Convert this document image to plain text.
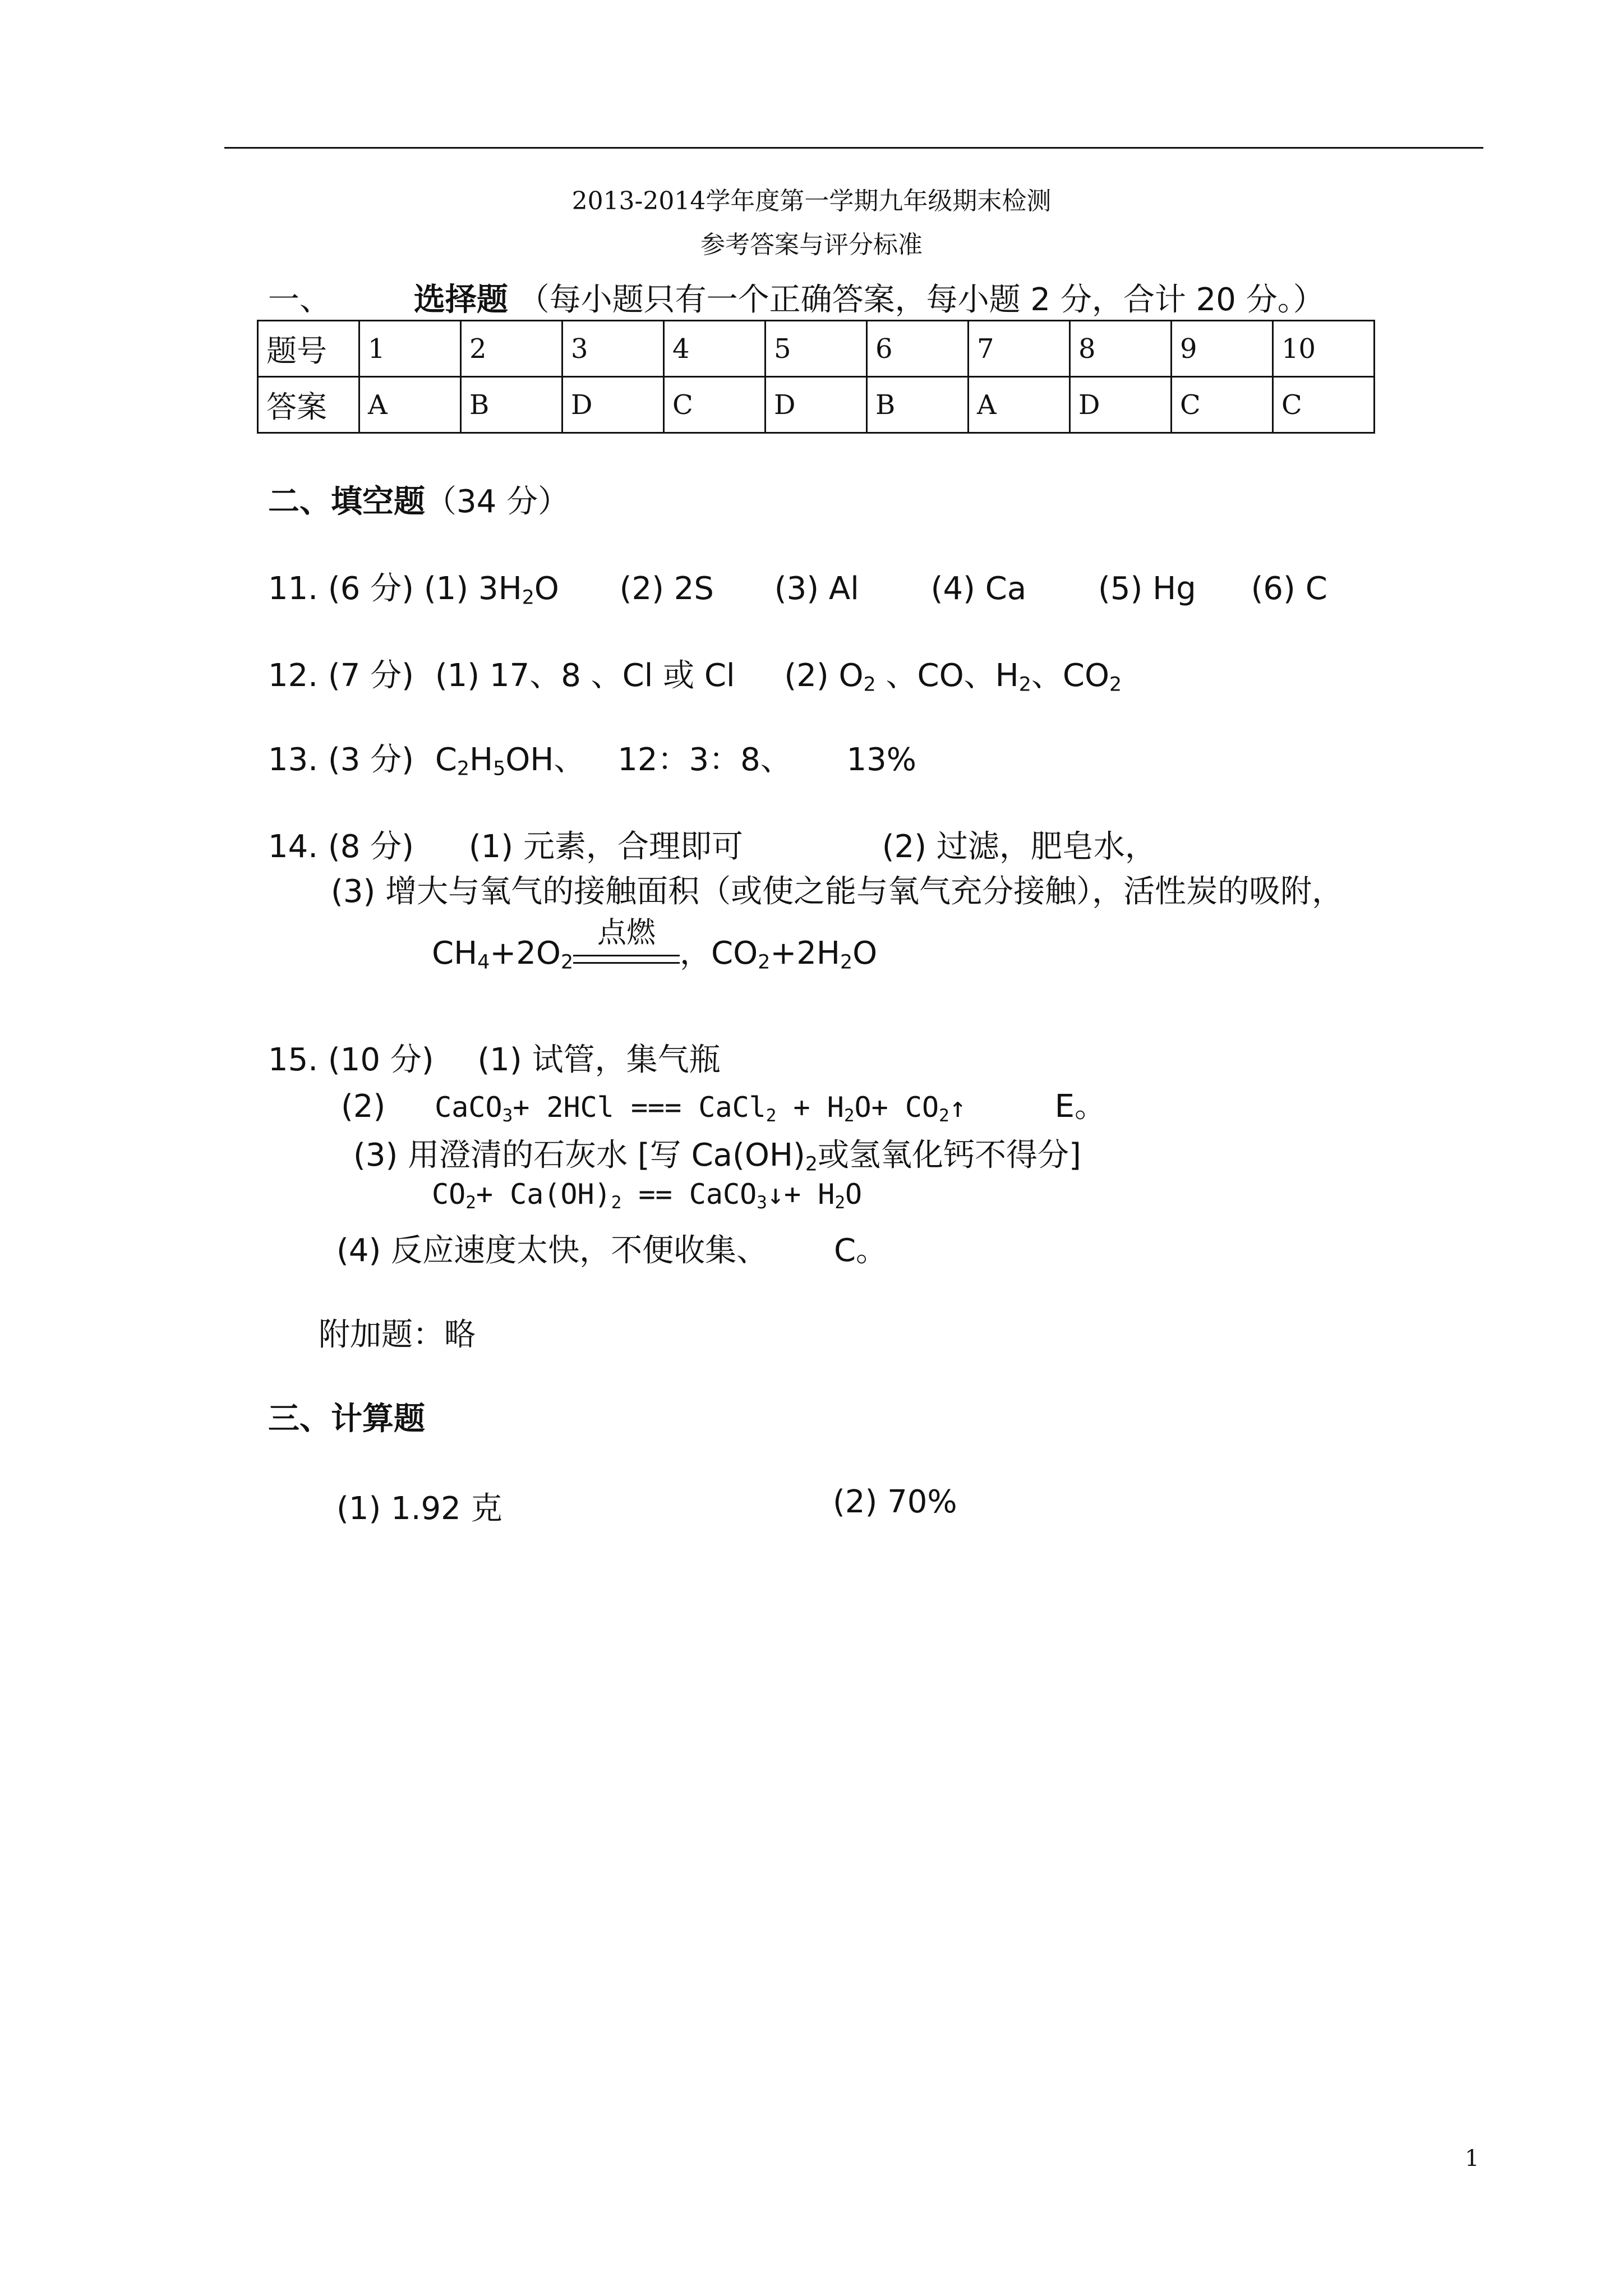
2013-2014学年度第一学期九年级期末检测
参考答案与评分标准
一、	选择题 （每小题只有一个正确答案，每小题 2 分，合计 20 分。）
题号	1	2	3	4	5	6	7	8	9	10
答案	A	B	D	C	D	B	A	D	C	C
二、填空题（34 分）
11. (6 分) (1) $3H_2O$ (2) 2S (3) Al (4) Ca (5) Hg (6) C
12. (7 分) (1) 17、8 、Cl 或 Cl (2) $O_2$ 、CO、$H_2$、$CO_2$
13. (3 分) $C_2H_5OH$、 12：3：8、 13%
14. (8 分) (1) 元素，合理即可	(2) 过滤，肥皂水，
(3) 增大与氧气的接触面积（或使之能与氧气充分接触），活性炭的吸附，
$CH_4+2O_2$
点燃
，$CO_2+2H_2O$
15. (10 分) (1) 试管，集气瓶
(2) CaCO$_3$+ 2HCl === CaCl$_2$ + $H_2O+$ $CO_2↑$	E。
(3) 用澄清的石灰水 [写 $Ca(OH)_2$或氢氧化钙不得分]
$CO_2+ Ca(OH)_2$ == CaCO$_3$↓+ $H_2O$
(4) 反应速度太快，不便收集、 C。
附加题：略
三、计算题
(1) 1.92 克	(2) 70%
1
